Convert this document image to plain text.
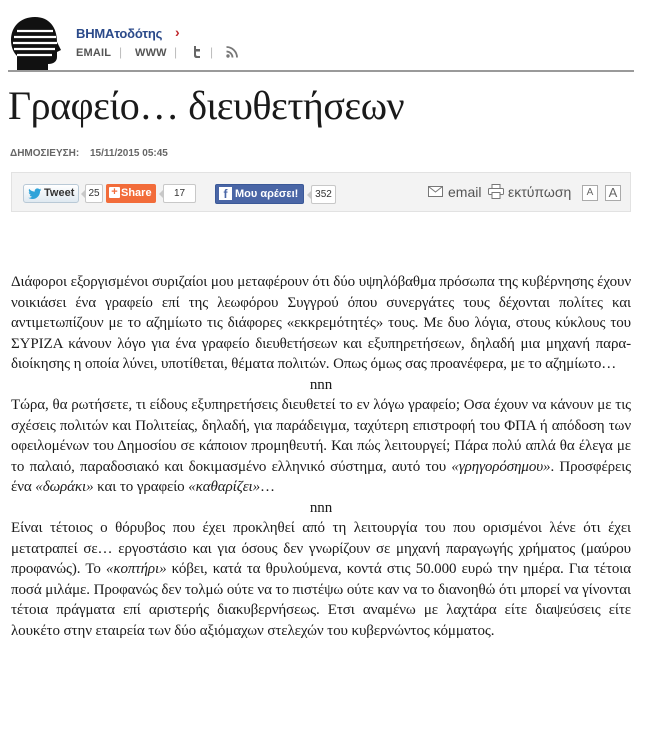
ΒΗΜΑτοδότης ›
EMAIL | WWW |	|
Γραφείο… διευθετήσεων
ΔΗΜΟΣΙΕΥΣΗ: 15/11/2015 05:45
Tweet	25	+ Share	17	f Μου αρέσει!	352	email εκτύπωση	A	A

Διάφοροι εξοργισμένοι συριζαίοι μου μεταφέρουν ότι δύο υψηλόβαθμα πρόσωπα της κυβέρνησης έχουν νοικιάσει ένα γραφείο επί της λεωφόρου Συγγρού όπου συνεργάτες τους δέχονται πολίτες και αντιμετωπίζουν με το αζημίωτο τις διάφορες «εκκρεμότητές» τους. Με δυο λόγια, στους κύκλους του ΣΥΡΙΖΑ κάνουν λόγο για ένα γραφείο διευθετήσεων και εξυπηρετήσεων, δηλαδή μια μηχανή παρα-διοίκησης η οποία λύνει, υποτίθεται, θέματα πολιτών. Οπως όμως σας προανέφερα, με το αζημίωτο…

nnn

Τώρα, θα ρωτήσετε, τι είδους εξυπηρετήσεις διευθετεί το εν λόγω γραφείο; Οσα έχουν να κάνουν με τις σχέσεις πολιτών και Πολιτείας, δηλαδή, για παράδειγμα, ταχύτερη επιστροφή του ΦΠΑ ή απόδοση των οφειλομένων του Δημοσίου σε κάποιον προμηθευτή. Και πώς λειτουργεί; Πάρα πολύ απλά θα έλεγα με το παλαιό, παραδοσιακό και δοκιμασμένο ελληνικό σύστημα, αυτό του «γρηγορόσημου». Προσφέρεις ένα «δωράκι» και το γραφείο «καθαρίζει»…

nnn

Είναι τέτοιος ο θόρυβος που έχει προκληθεί από τη λειτουργία του που ορισμένοι λένε ότι έχει μετατραπεί σε… εργοστάσιο και για όσους δεν γνωρίζουν σε μηχανή παραγωγής χρήματος (μαύρου προφανώς). Το «κοπτήρι» κόβει, κατά τα θρυλούμενα, κοντά στις 50.000 ευρώ την ημέρα. Για τέτοια ποσά μιλάμε. Προφανώς δεν τολμώ ούτε να το πιστέψω ούτε καν να το διανοηθώ ότι μπορεί να γίνονται τέτοια πράγματα επί αριστερής διακυβερνήσεως. Ετσι αναμένω με λαχτάρα είτε διαψεύσεις είτε λουκέτο στην εταιρεία των δύο αξιόμαχων στελεχών του κυβερνώντος κόμματος.
